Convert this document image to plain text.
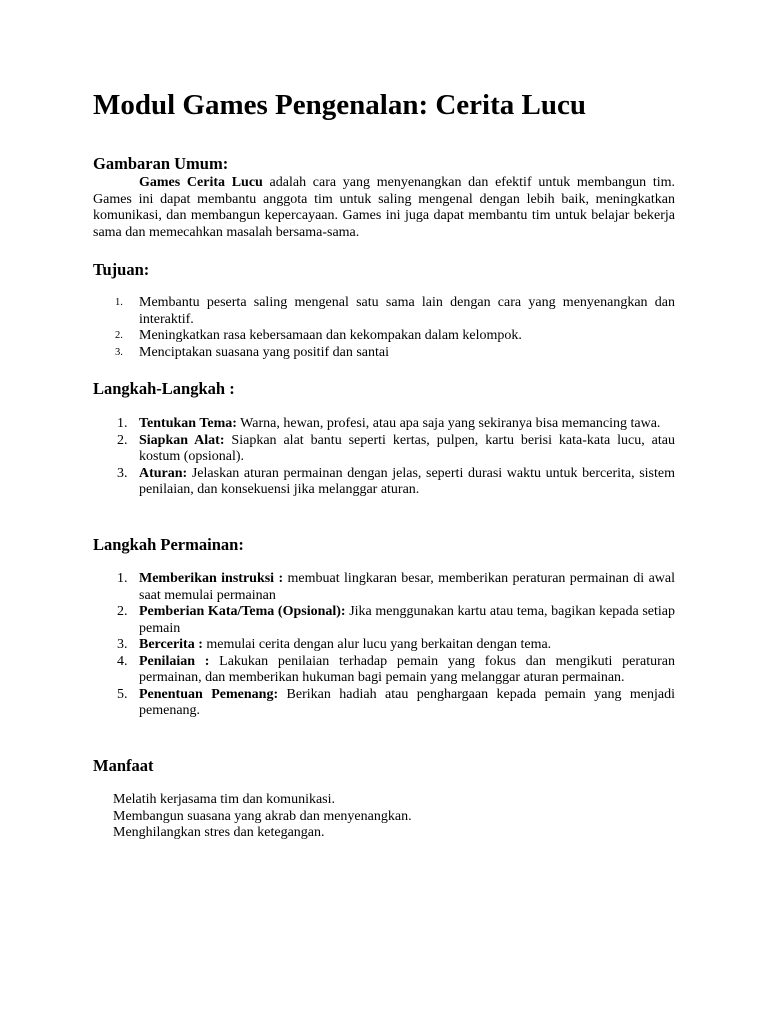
Modul Games Pengenalan: Cerita Lucu
Gambaran Umum:

Games Cerita Lucu adalah cara yang menyenangkan dan efektif untuk membangun tim. Games ini dapat membantu anggota tim untuk saling mengenal dengan lebih baik, meningkatkan komunikasi, dan membangun kepercayaan. Games ini juga dapat membantu tim untuk belajar bekerja sama dan memecahkan masalah bersama-sama.

Tujuan:
1. Membantu peserta saling mengenal satu sama lain dengan cara yang menyenangkan dan interaktif.
2. Meningkatkan rasa kebersamaan dan kekompakan dalam kelompok.
3. Menciptakan suasana yang positif dan santai
Langkah-Langkah :
1. Tentukan Tema: Warna, hewan, profesi, atau apa saja yang sekiranya bisa memancing tawa.
2. Siapkan Alat: Siapkan alat bantu seperti kertas, pulpen, kartu berisi kata-kata lucu, atau kostum (opsional).
3. Aturan: Jelaskan aturan permainan dengan jelas, seperti durasi waktu untuk bercerita, sistem penilaian, dan konsekuensi jika melanggar aturan.
Langkah Permainan:
1. Memberikan instruksi : membuat lingkaran besar, memberikan peraturan permainan di awal saat memulai permainan
2. Pemberian Kata/Tema (Opsional): Jika menggunakan kartu atau tema, bagikan kepada setiap pemain
3. Bercerita : memulai cerita dengan alur lucu yang berkaitan dengan tema.
4. Penilaian : Lakukan penilaian terhadap pemain yang fokus dan mengikuti peraturan permainan, dan memberikan hukuman bagi pemain yang melanggar aturan permainan.
5. Penentuan Pemenang: Berikan hadiah atau penghargaan kepada pemain yang menjadi pemenang.
Manfaat
Melatih kerjasama tim dan komunikasi.
Membangun suasana yang akrab dan menyenangkan.
Menghilangkan stres dan ketegangan.
